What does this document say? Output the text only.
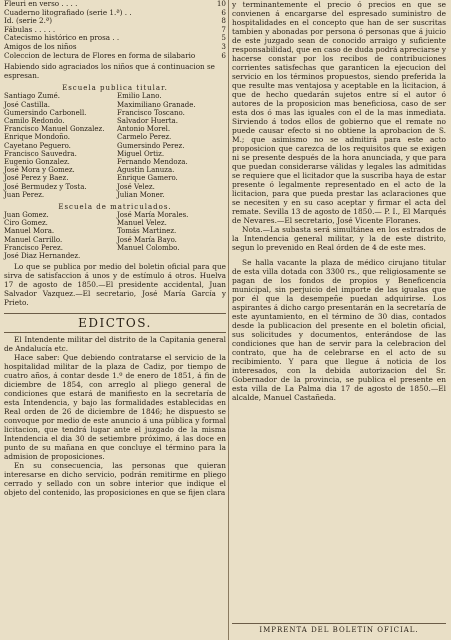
Fleuri en verso . . . .	10
Cuaderno litografiado (serie 1.ª) . .	6
Id. (serie 2.ª)	8
Fábulas . . . . .	7
Catecismo histórico en prosa . .	5
Amigos de los niños	3
Coleccion de lectura de Flores en forma de silabario	6
Habiendo sido agraciados los niños que á continuacion se espresan.
Escuela publica titular.
Santiago Zumé.	Emilio Lano.
José Castilla.	Maximiliano Granade.
Gumersindo Carbonell.	Francisco Toscano.
Camilo Redondo.	Salvador Huerta.
Francisco Manuel Gonzalez.	Antonio Morel.
Enrique Mondoño.	Carmelo Perez.
Cayetano Peguero.	Gumersindo Perez.
Francisco Sauvedra.	Miguel Ortiz.
Eugenio Gonzalez.	Fernando Mendoza.
José Mora y Gomez.	Agustin Lanuza.
José Perez y Baez.	Enrique Gamero.
José Bermudez y Tosta.	José Velez.
Juan Perez.	Julian Moner.
Escuela de matriculados.
Juan Gomez.	José María Morales.
Ciro Gomez.	Manuel Velez.
Manuel Mora.	Tomás Martinez.
Manuel Carrillo.	José María Bayo.
Francisco Perez.	Manuel Colombo.
José Diaz Hernandez.

Lo que se publica por medio del boletin oficial para que sirva de satisfaccion á unos y de estímulo á otros. Huelva 17 de agosto de 1850.—El presidente accidental, Juan Salvador Vazquez.—El secretario, José María García y Prieto.

EDICTOS.

El Intendente militar del distrito de la Capitania general de Andalucía etc.

Hace saber: Que debiendo contratarse el servicio de la hospitalidad militar de la plaza de Cadiz, por tiempo de cuatro años, á contar desde 1.º de enero de 1851, á fin de diciembre de 1854, con arreglo al pliego general de condiciones que estará de manifiesto en la secretaría de esta Intendencia, y bajo las formalidades establecidas en Real orden de 26 de diciembre de 1846; he dispuesto se convoque por medio de este anuncio á una pública y formal licitacion, que tendrá lugar ante el juzgado de la misma Intendencia el dia 30 de setiembre próximo, á las doce en punto de su mañana en que concluye el término para la admision de proposiciones.

En su consecuencia, las personas que quieran interesarse en dicho servicio, podrán remitirme en pliego cerrado y sellado con un sobre interior que indique el objeto del contenido, las proposiciones en que se fijen clara

y terminantemente el precio ó precios en que se convienen á encargarse del espresado suministro de hospitalidades en el concepto que han de ser suscritas tambien y abonadas por persona ó personas que á juicio de este juzgado sean de conocido arraigo y suficiente responsabilidad, que en caso de duda podrá apreciarse y hacerse constar por los recibos de contribuciones corrientes satisfechas que garanticen la ejecucion del servicio en los términos propuestos, siendo preferida la que resulte mas ventajosa y aceptable en la licitacion, á que de hecho quedarán sujetos entre sí el autor ó autores de la proposicion mas beneficiosa, caso de ser esta dos ó mas las iguales con el de la mas inmediata. Sirviendo á todos ellos de gobierno que el remate no puede causar efecto si no obtiene la aprobacion de S. M.; que asimismo no se admitirá para este acto proposicion que carezca de los requisitos que se exigen ni se presente después de la hora anunciada, y que para que puedan considerarse válidas y legales las admitidas se requiere que el licitador que la suscriba haya de estar presente ó legalmente representado en el acto de la licitacion, para que pueda prestar las aclaraciones que se necesiten y en su caso aceptar y firmar el acta del remate. Sevilla 13 de agosto de 1850.— P. I., El Marqués de Nevares.—El secretario, José Vicente Floranes.

Nota.—La subasta será simultánea en los estrados de la Intendencia general militar, y la de este distrito, segun lo prevenido en Real órden de 4 de este mes.

Se halla vacante la plaza de médico cirujano titular de esta villa dotada con 3300 rs., que religiosamente se pagan de los fondos de propios y Beneficencia municipal, sin perjuicio del importe de las igualas que por él que la desempeñe puedan adquirirse. Los aspirantes á dicho cargo presentarán en la secretaría de este ayuntamiento, en el término de 30 dias, contados desde la publicacion del presente en el boletin oficial, sus solicitudes y documentos, enterándose de las condiciones que han de servir para la celebracion del contrato, que ha de celebrarse en el acto de su recibimiento. Y para que llegue á noticia de los interesados, con la debida autorizacion del Sr. Gobernador de la provincia, se publica el presente en esta villa de La Palma dia 17 de agosto de 1850.—El alcalde, Manuel Castañeda.

IMPRENTA DEL BOLETIN OFICIAL.
